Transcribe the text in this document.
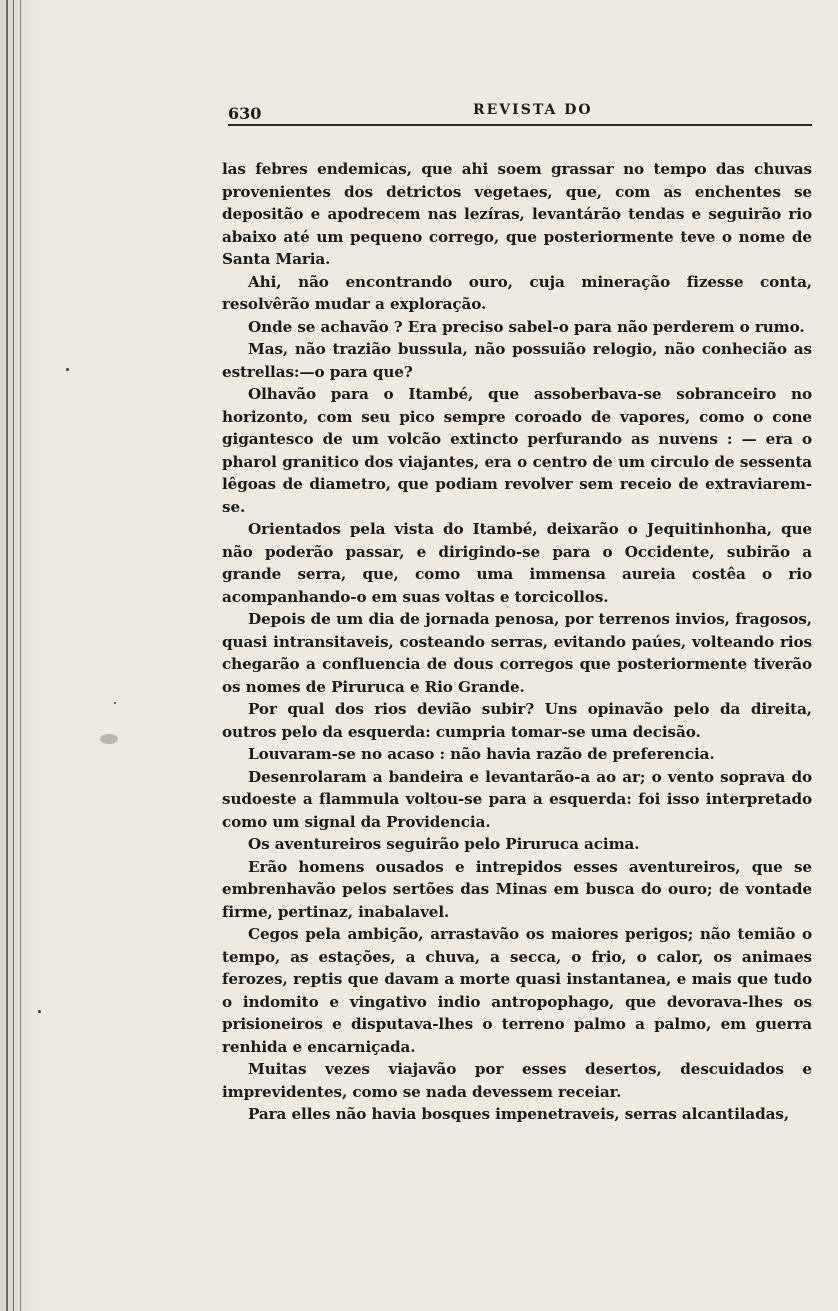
630	REVISTA DO

las febres endemicas, que ahi soem grassar no tempo das chuvas provenientes dos detrictos vegetaes, que, com as enchentes se depositão e apodrecem nas lezíras, levantárão tendas e seguirão rio abaixo até um pequeno corrego, que posteriormente teve o nome de Santa Maria.

Ahi, não encontrando ouro, cuja mineração fizesse conta, resolvêrão mudar a exploração.

Onde se achavão ? Era preciso sabel-o para não perderem o rumo.

Mas, não trazião bussula, não possuião relogio, não conhecião as estrellas:—o para que?

Olhavão para o Itambé, que assoberbava-se sobranceiro no horizonto, com seu pico sempre coroado de vapores, como o cone gigantesco de um volcão extincto perfurando as nuvens : — era o pharol granitico dos viajantes, era o centro de um circulo de sessenta lêgoas de diametro, que podiam revolver sem receio de extraviarem-se.

Orientados pela vista do Itambé, deixarão o Jequitinhonha, que não poderão passar, e dirigindo-se para o Occidente, subirão a grande serra, que, como uma immensa aureia costêa o rio acompanhando-o em suas voltas e torcicollos.

Depois de um dia de jornada penosa, por terrenos invios, fragosos, quasi intransitaveis, costeando serras, evitando paúes, volteando rios chegarão a confluencia de dous corregos que posteriormente tiverão os nomes de Piruruca e Rio Grande.

Por qual dos rios devião subir? Uns opinavão pelo da direita, outros pelo da esquerda: cumpria tomar-se uma decisão.

Louvaram-se no acaso : não havia razão de preferencia.

Desenrolaram a bandeira e levantarão-a ao ar; o vento soprava do sudoeste a flammula voltou-se para a esquerda: foi isso interpretado como um signal da Providencia.

Os aventureiros seguirão pelo Piruruca acima.

Erão homens ousados e intrepidos esses aventureiros, que se embrenhavão pelos sertões das Minas em busca do ouro; de vontade firme, pertinaz, inabalavel.

Cegos pela ambição, arrastavão os maiores perigos; não temião o tempo, as estações, a chuva, a secca, o frio, o calor, os animaes ferozes, reptis que davam a morte quasi instantanea, e mais que tudo o indomito e vingativo indio antropophago, que devorava-lhes os prisioneiros e disputava-lhes o terreno palmo a palmo, em guerra renhida e encarniçada.

Muitas vezes viajavão por esses desertos, descuidados e imprevidentes, como se nada devessem receiar.

Para elles não havia bosques impenetraveis, serras alcantiladas,
